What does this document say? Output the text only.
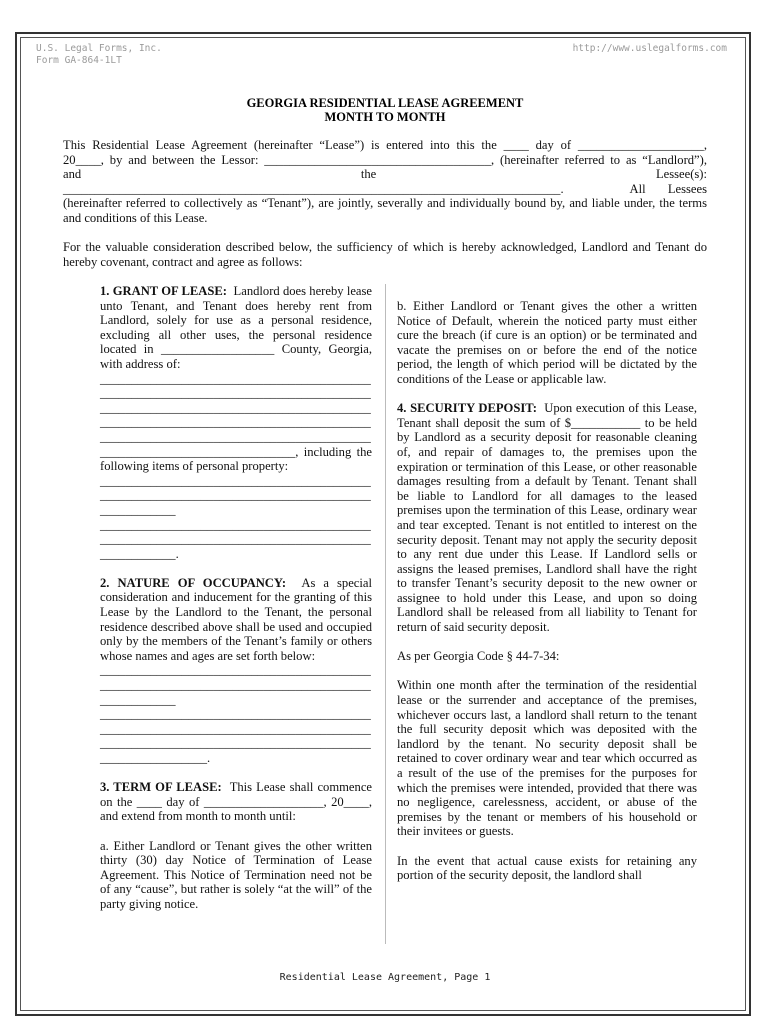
U.S. Legal Forms, Inc.
Form GA-864-1LT
http://www.uslegalforms.com
GEORGIA RESIDENTIAL LEASE AGREEMENT
MONTH TO MONTH

This Residential Lease Agreement (hereinafter “Lease”) is entered into this the ____ day of ____________________,

20____, by and between the Lessor: ____________________________________, (hereinafter referred to as “Landlord”),

and                                                          the                                                          Lessee(s):

_______________________________________________________________________________.   All Lessees

(hereinafter referred to collectively as “Tenant”), are jointly, severally and individually bound by, and liable under, the terms and conditions of this Lease.

For the valuable consideration described below, the sufficiency of which is hereby acknowledged, Landlord and Tenant do hereby covenant, contract and agree as follows:

1. GRANT OF LEASE: Landlord does hereby lease unto Tenant, and Tenant does hereby rent from Landlord, solely for use as a personal residence, excluding all other uses, the personal residence located in __________________ County, Georgia, with address of:

___________________________________________

___________________________________________

___________________________________________

___________________________________________

___________________________________________

_______________________________, including the following items of personal property:

___________________________________________

___________________________________________

____________

___________________________________________

___________________________________________

____________.

2. NATURE OF OCCUPANCY: As a special consideration and inducement for the granting of this Lease by the Landlord to the Tenant, the personal residence described above shall be used and occupied only by the members of the Tenant’s family or others whose names and ages are set forth below:

___________________________________________

___________________________________________

____________

___________________________________________

___________________________________________

___________________________________________

_________________.

3. TERM OF LEASE: This Lease shall commence on the ____ day of ___________________, 20____, and extend from month to month until:

a. Either Landlord or Tenant gives the other written thirty (30) day Notice of Termination of Lease Agreement. This Notice of Termination need not be of any “cause”, but rather is solely “at the will” of the party giving notice.

b. Either Landlord or Tenant gives the other a written Notice of Default, wherein the noticed party must either cure the breach (if cure is an option) or be terminated and vacate the premises on or before the end of the notice period, the length of which period will be dictated by the conditions of the Lease or applicable law.

4. SECURITY DEPOSIT: Upon execution of this Lease, Tenant shall deposit the sum of $___________ to be held by Landlord as a security deposit for reasonable cleaning of, and repair of damages to, the premises upon the expiration or termination of this Lease, or other reasonable damages resulting from a default by Tenant. Tenant shall be liable to Landlord for all damages to the leased premises upon the termination of this Lease, ordinary wear and tear excepted. Tenant is not entitled to interest on the security deposit. Tenant may not apply the security deposit to any rent due under this Lease. If Landlord sells or assigns the leased premises, Landlord shall have the right to transfer Tenant’s security deposit to the new owner or assignee to hold under this Lease, and upon so doing Landlord shall be released from all liability to Tenant for return of said security deposit.

As per Georgia Code § 44-7-34:

Within one month after the termination of the residential lease or the surrender and acceptance of the premises, whichever occurs last, a landlord shall return to the tenant the full security deposit which was deposited with the landlord by the tenant. No security deposit shall be retained to cover ordinary wear and tear which occurred as a result of the use of the premises for the purposes for which the premises were intended, provided that there was no negligence, carelessness, accident, or abuse of the premises by the tenant or members of his household or their invitees or guests.

In the event that actual cause exists for retaining any portion of the security deposit, the landlord shall

Residential Lease Agreement, Page 1
